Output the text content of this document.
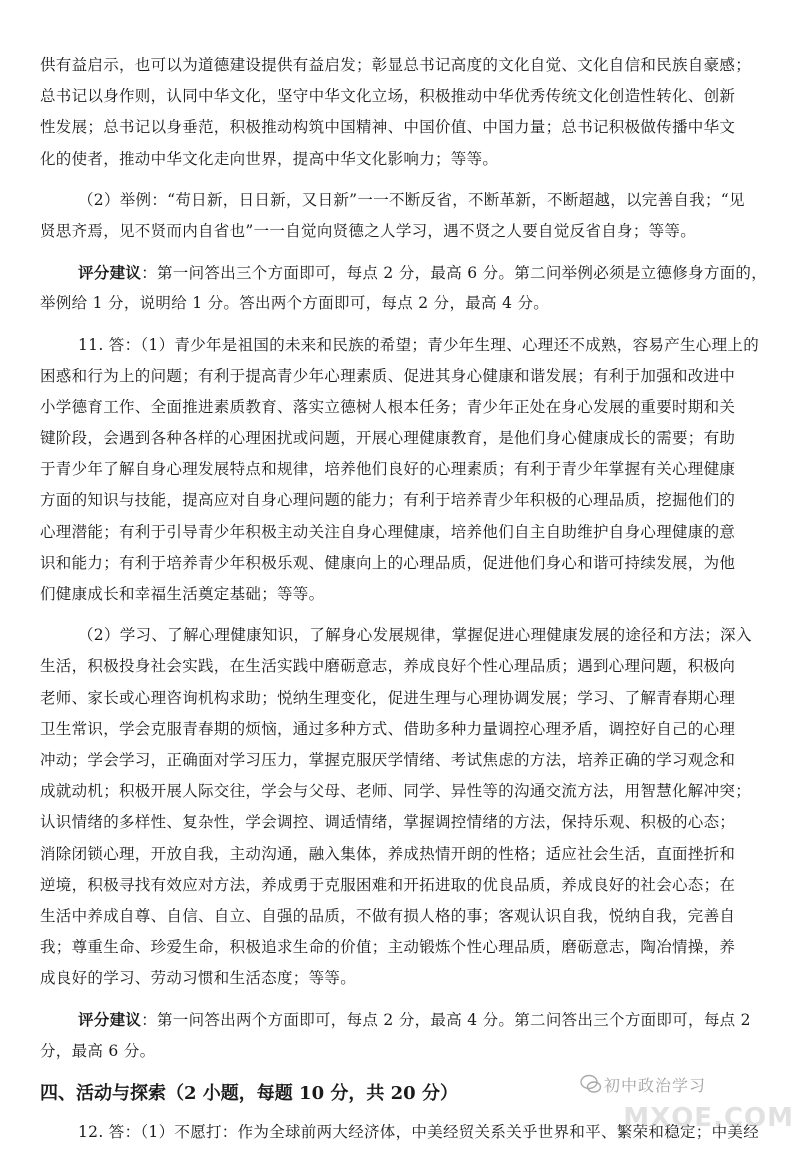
供有益启示，也可以为道德建设提供有益启发；彰显总书记高度的文化自觉、文化自信和民族自豪感；
总书记以身作则，认同中华文化，坚守中华文化立场，积极推动中华优秀传统文化创造性转化、创新
性发展；总书记以身垂范，积极推动构筑中国精神、中国价值、中国力量；总书记积极做传播中华文
化的使者，推动中华文化走向世界，提高中华文化影响力；等等。
（2）举例：“苟日新，日日新，又日新”一一不断反省，不断革新，不断超越，以完善自我；“见
贤思齐焉，见不贤而内自省也”一一自觉向贤德之人学习，遇不贤之人要自觉反省自身；等等。
评分建议：第一问答出三个方面即可，每点 2 分，最高 6 分。第二问举例必须是立德修身方面的，
举例给 1 分，说明给 1 分。答出两个方面即可，每点 2 分，最高 4 分。
11. 答：（1）青少年是祖国的未来和民族的希望；青少年生理、心理还不成熟，容易产生心理上的
困惑和行为上的问题；有利于提高青少年心理素质、促进其身心健康和谐发展；有利于加强和改进中
小学德育工作、全面推进素质教育、落实立德树人根本任务；青少年正处在身心发展的重要时期和关
键阶段，会遇到各种各样的心理困扰或问题，开展心理健康教育，是他们身心健康成长的需要；有助
于青少年了解自身心理发展特点和规律，培养他们良好的心理素质；有利于青少年掌握有关心理健康
方面的知识与技能，提高应对自身心理问题的能力；有利于培养青少年积极的心理品质，挖掘他们的
心理潜能；有利于引导青少年积极主动关注自身心理健康，培养他们自主自助维护自身心理健康的意
识和能力；有利于培养青少年积极乐观、健康向上的心理品质，促进他们身心和谐可持续发展，为他
们健康成长和幸福生活奠定基础；等等。
（2）学习、了解心理健康知识，了解身心发展规律，掌握促进心理健康发展的途径和方法；深入
生活，积极投身社会实践，在生活实践中磨砺意志，养成良好个性心理品质；遇到心理问题，积极向
老师、家长或心理咨询机构求助；悦纳生理变化，促进生理与心理协调发展；学习、了解青春期心理
卫生常识，学会克服青春期的烦恼，通过多种方式、借助多种力量调控心理矛盾，调控好自己的心理
冲动；学会学习，正确面对学习压力，掌握克服厌学情绪、考试焦虑的方法，培养正确的学习观念和
成就动机；积极开展人际交往，学会与父母、老师、同学、异性等的沟通交流方法，用智慧化解冲突；
认识情绪的多样性、复杂性，学会调控、调适情绪，掌握调控情绪的方法，保持乐观、积极的心态；
消除闭锁心理，开放自我，主动沟通，融入集体，养成热情开朗的性格；适应社会生活，直面挫折和
逆境，积极寻找有效应对方法，养成勇于克服困难和开拓进取的优良品质，养成良好的社会心态；在
生活中养成自尊、自信、自立、自强的品质，不做有损人格的事；客观认识自我，悦纳自我，完善自
我；尊重生命、珍爱生命，积极追求生命的价值；主动锻炼个性心理品质，磨砺意志，陶冶情操，养
成良好的学习、劳动习惯和生活态度；等等。
评分建议：第一问答出两个方面即可，每点 2 分，最高 4 分。第二问答出三个方面即可，每点 2
分，最高 6 分。
四、活动与探索（2 小题，每题 10 分，共 20 分）
12. 答：（1）不愿打：作为全球前两大经济体，中美经贸关系关乎世界和平、繁荣和稳定；中美经
初中政治学习
MXQE.COM
